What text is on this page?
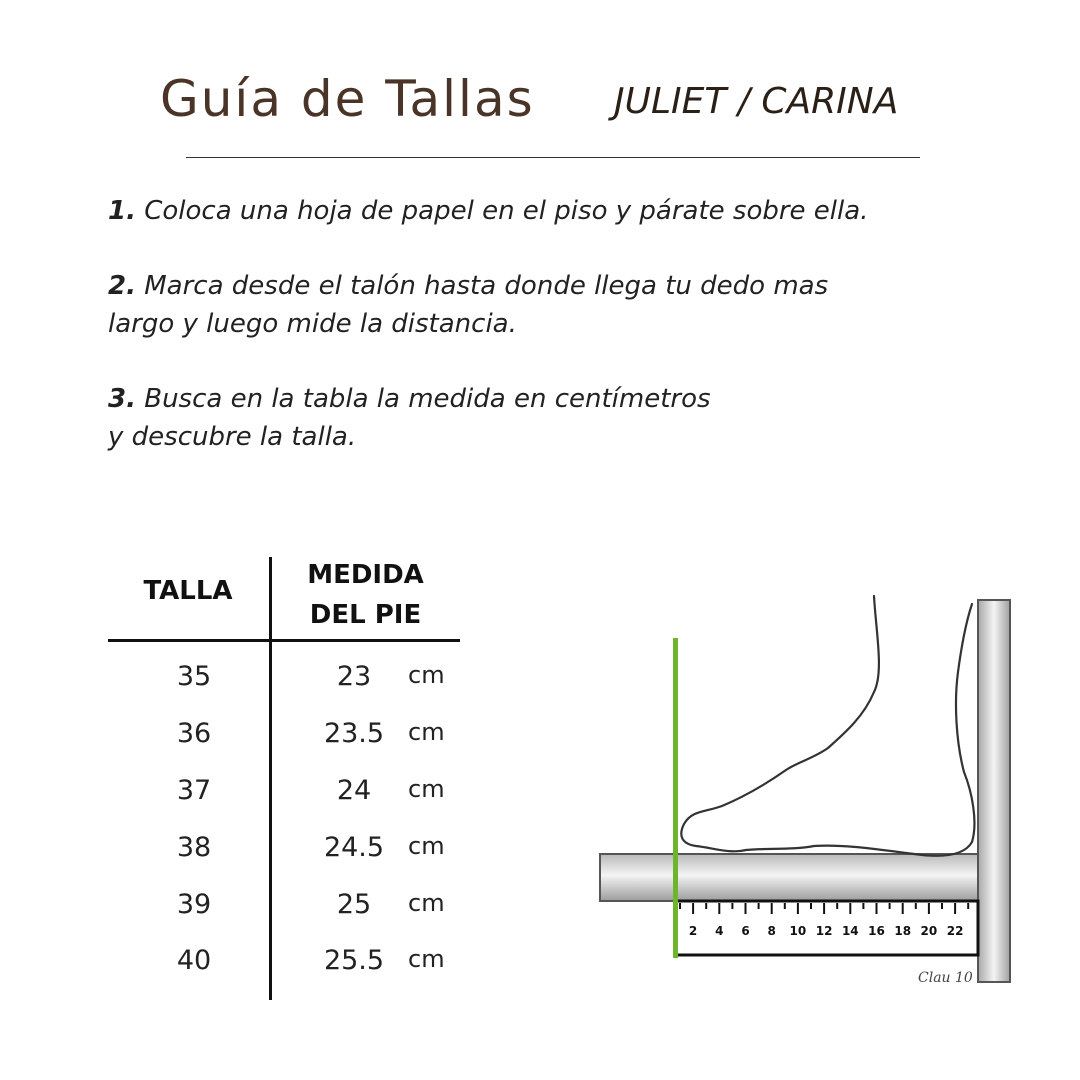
Guía de Tallas JULIET / CARINA

1. Coloca una hoja de papel en el piso y párate sobre ella.

2. Marca desde el talón hasta donde llega tu dedo mas

largo y luego mide la distancia.

3. Busca en la tabla la medida en centímetros

y descubre la talla.

TALLA
MEDIDA
DEL PIE
35	23	cm
36	23.5 cm
37	24	cm
38	24.5 cm
39	25	cm
40	25.5 cm
2 4 6 8 10 12 14 16 18 20 22
Clau 10
